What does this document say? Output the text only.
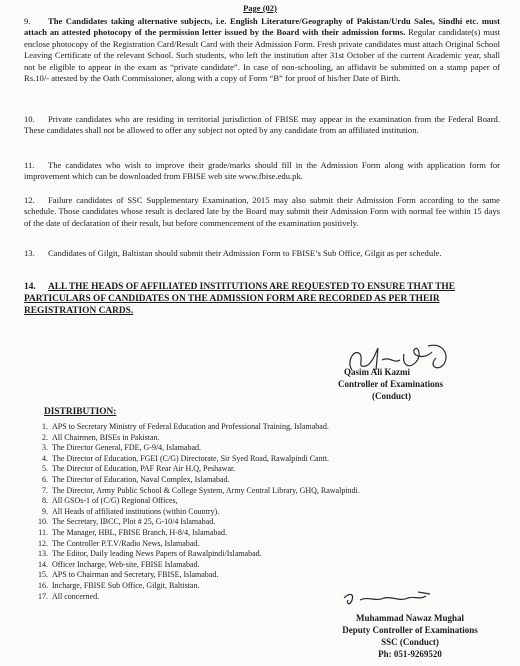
Page (02)
9. The Candidates taking alternative subjects, i.e. English Literature/Geography of Pakistan/Urdu Sales, Sindhi etc. must attach an attested photocopy of the permission letter issued by the Board with their admission forms. Regular candidate(s) must enclose photocopy of the Registration Card/Result Card with their Admission Form. Fresh private candidates must attach Original School Leaving Certificate of the relevant School. Such students, who left the institution after 31st October of the current Academic year, shall not be eligible to appear in the exam as “private candidate”. In case of non-schooling, an affidavit be submitted on a stamp paper of Rs.10/- attested by the Oath Commissioner, along with a copy of Form “B” for proof of his/her Date of Birth.
10. Private candidates who are residing in territorial jurisdiction of FBISE may appear in the examination from the Federal Board. These candidates shall not be allowed to offer any subject not opted by any candidate from an affiliated institution.
11. The candidates who wish to improve their grade/marks should fill in the Admission Form along with application form for improvement which can be downloaded from FBISE web site www.fbise.edu.pk.
12. Failure candidates of SSC Supplementary Examination, 2015 may also submit their Admission Form according to the same schedule. Those candidates whose result is declared late by the Board may submit their Admission Form with normal fee within 15 days of the date of declaration of their result, but before commencement of the examination positively.
13. Candidates of Gilgit, Baltistan should submit their Admission Form to FBISE’s Sub Office, Gilgit as per schedule.
14. ALL THE HEADS OF AFFILIATED INSTITUTIONS ARE REQUESTED TO ENSURE THAT THE PARTICULARS OF CANDIDATES ON THE ADMISSION FORM ARE RECORDED AS PER THEIR REGISTRATION CARDS.
Qasim Ali Kazmi
Controller of Examinations
(Conduct)
DISTRIBUTION:
1. APS to Secretary Ministry of Federal Education and Professional Training, Islamabad.
2. All Chairmen, BISEs in Pakistan.
3. The Director General, FDE, G-9/4, Islamabad.
4. The Director of Education, FGEI (C/G) Directorate, Sir Syed Road, Rawalpindi Cantt.
5. The Director of Education, PAF Rear Air H.Q, Peshawar.
6. The Director of Education, Naval Complex, Islamabad.
7. The Director, Army Public School & College System, Army Central Library, GHQ, Rawalpindi.
8. All GSOs-1 of (C/G) Regional Offices,
9. All Heads of affiliated institutions (within Country).
10. The Secretary, IBCC, Plot # 25, G-10/4 Islamabad.
11. The Manager, HBL, FBISE Branch, H-8/4, Islamabad.
12. The Controller P.T.V/Radio News, Islamabad.
13. The Editor, Daily leading News Papers of Rawalpindi/Islamabad.
14. Officer Incharge, Web-site, FBISE Islamabad.
15. APS to Chairman and Secretary, FBISE, Islamabad.
16. Incharge, FBISE Sub Office, Gilgit, Baltistan.
17. All concerned.
Muhammad Nawaz Mughal
Deputy Controller of Examinations
SSC (Conduct)
Ph: 051-9269520
